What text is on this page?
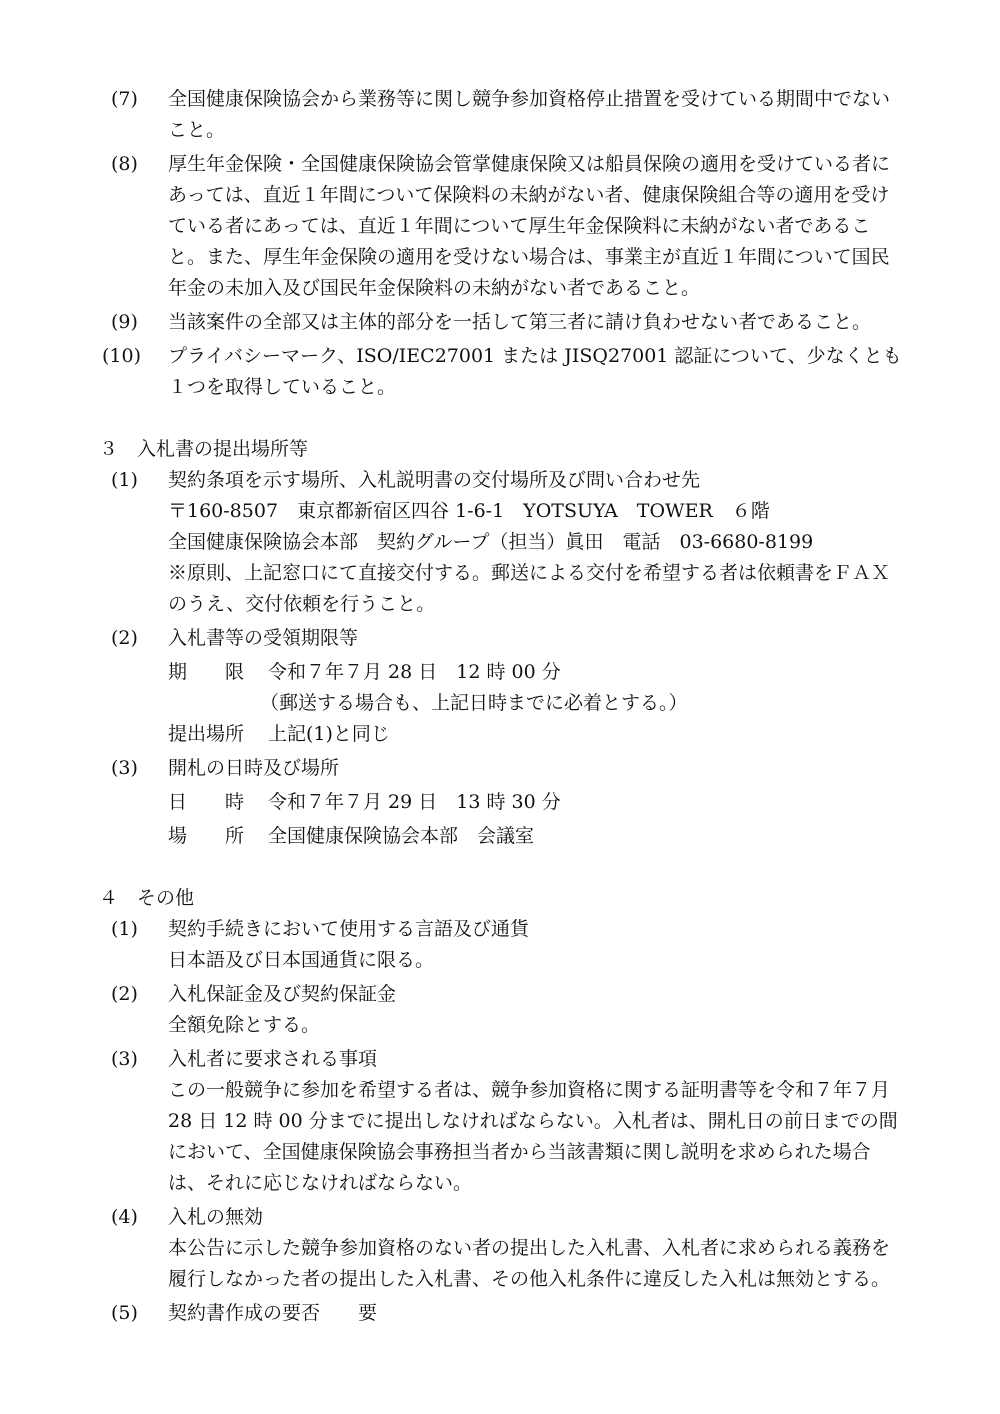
(7) 全国健康保険協会から業務等に関し競争参加資格停止措置を受けている期間中でないこと。
(8) 厚生年金保険・全国健康保険協会管掌健康保険又は船員保険の適用を受けている者にあっては、直近１年間について保険料の未納がない者、健康保険組合等の適用を受けている者にあっては、直近１年間について厚生年金保険料に未納がない者であること。また、厚生年金保険の適用を受けない場合は、事業主が直近１年間について国民年金の未加入及び国民年金保険料の未納がない者であること。
(9) 当該案件の全部又は主体的部分を一括して第三者に請け負わせない者であること。
(10) プライバシーマーク、ISO/IEC27001 または JISQ27001 認証について、少なくとも１つを取得していること。
３　入札書の提出場所等
(1) 契約条項を示す場所、入札説明書の交付場所及び問い合わせ先
〒160-8507　東京都新宿区四谷 1-6-1　YOTSUYA　TOWER　６階
全国健康保険協会本部　契約グループ（担当）眞田　電話　03-6680-8199
※原則、上記窓口にて直接交付する。郵送による交付を希望する者は依頼書をＦＡＸのうえ、交付依頼を行うこと。
(2) 入札書等の受領期限等
期　　限 令和７年７月 28 日　12 時 00 分
（郵送する場合も、上記日時までに必着とする。）
提出場所 上記(1)と同じ
(3) 開札の日時及び場所
日　　時 令和７年７月 29 日　13 時 30 分
場　　所 全国健康保険協会本部　会議室
４　その他
(1) 契約手続きにおいて使用する言語及び通貨
日本語及び日本国通貨に限る。
(2) 入札保証金及び契約保証金
全額免除とする。
(3) 入札者に要求される事項
この一般競争に参加を希望する者は、競争参加資格に関する証明書等を令和７年７月 28 日 12 時 00 分までに提出しなければならない。入札者は、開札日の前日までの間において、全国健康保険協会事務担当者から当該書類に関し説明を求められた場合は、それに応じなければならない。
(4) 入札の無効
本公告に示した競争参加資格のない者の提出した入札書、入札者に求められる義務を履行しなかった者の提出した入札書、その他入札条件に違反した入札は無効とする。
(5) 契約書作成の要否　　要
